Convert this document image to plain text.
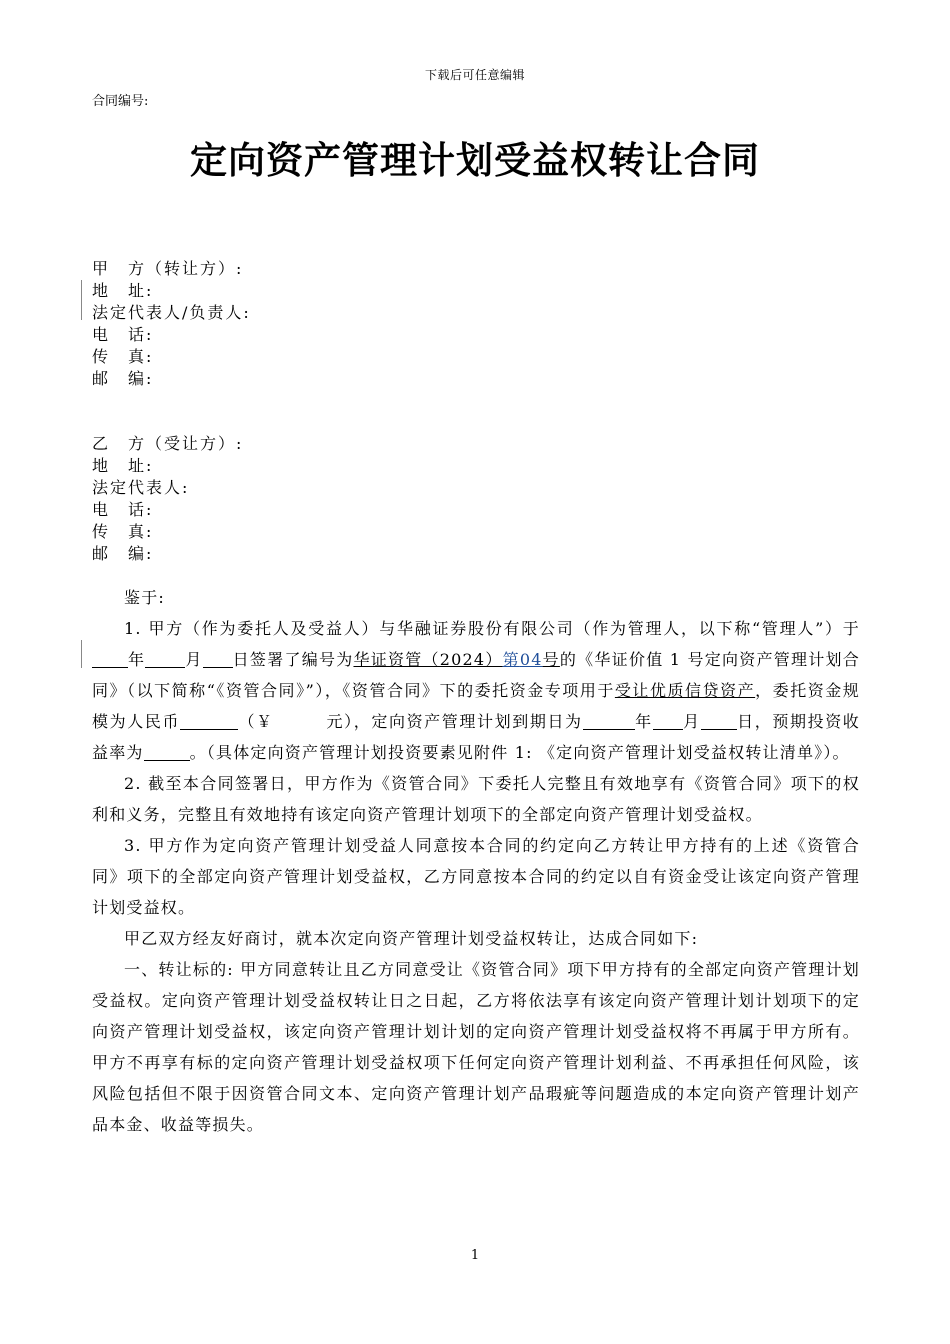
下载后可任意编辑
合同编号:
定向资产管理计划受益权转让合同
甲　方（转让方）:
地　址:
法定代表人/负责人:
电　话:
传　真:
邮　编:
乙　方（受让方）:
地　址:
法定代表人:
电　话:
传　真:
邮　编:

鉴于:

1. 甲方（作为委托人及受益人）与华融证券股份有限公司（作为管理人，以下称“管理人”）于年	月 日签署了编号为华证资管（2024）第04号的《华证价值 1 号定向资产管理计划合同》（以下简称“《资管合同》”），《资管合同》下的委托资金专项用于受让优质信贷资产，委托资金规模为人民币	（￥　　　元），定向资产管理计划到期日为	年 月 日，预期投资收益率为	。（具体定向资产管理计划投资要素见附件 1: 《定向资产管理计划受益权转让清单》）。

2. 截至本合同签署日，甲方作为《资管合同》下委托人完整且有效地享有《资管合同》项下的权利和义务，完整且有效地持有该定向资产管理计划项下的全部定向资产管理计划受益权。

3. 甲方作为定向资产管理计划受益人同意按本合同的约定向乙方转让甲方持有的上述《资管合同》项下的全部定向资产管理计划受益权，乙方同意按本合同的约定以自有资金受让该定向资产管理计划受益权。

甲乙双方经友好商讨，就本次定向资产管理计划受益权转让，达成合同如下:

一、转让标的: 甲方同意转让且乙方同意受让《资管合同》项下甲方持有的全部定向资产管理计划受益权。定向资产管理计划受益权转让日之日起，乙方将依法享有该定向资产管理计划计划项下的定向资产管理计划受益权，该定向资产管理计划计划的定向资产管理计划受益权将不再属于甲方所有。甲方不再享有标的定向资产管理计划受益权项下任何定向资产管理计划利益、不再承担任何风险，该风险包括但不限于因资管合同文本、定向资产管理计划产品瑕疵等问题造成的本定向资产管理计划产品本金、收益等损失。

1
